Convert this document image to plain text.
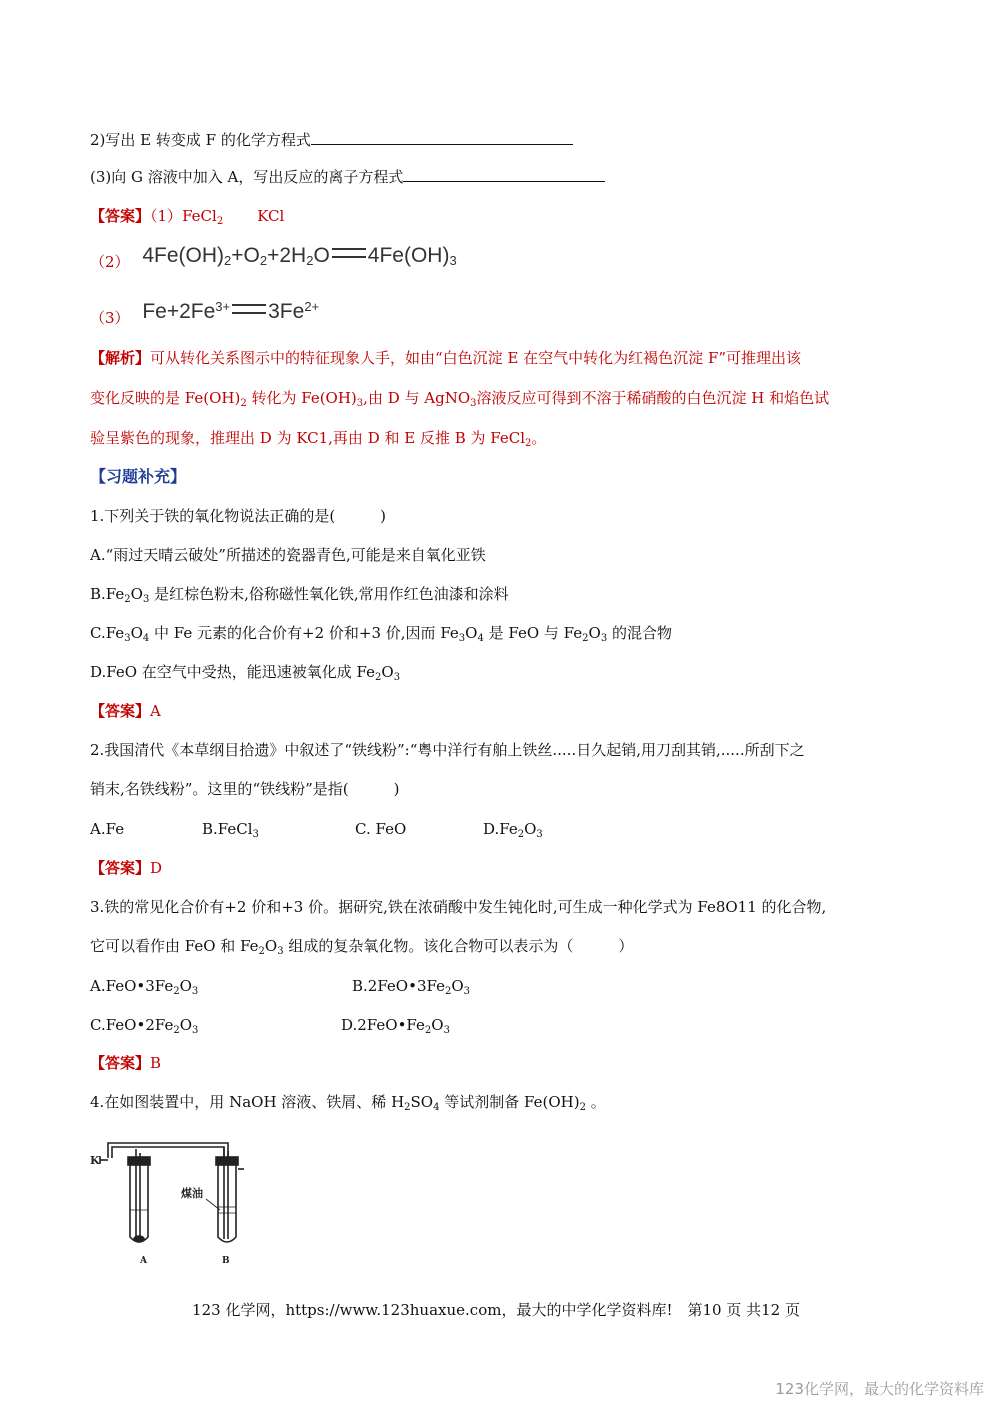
2)写出 E 转变成 F 的化学方程式
(3)向 G 溶液中加入 A，写出反应的离子方程式
【答案】（1）FeCl$_2$ KCl
（2） $4Fe(OH)_2+O_2+2H_2O$ $4Fe(OH)_3$
（3） $Fe+2Fe^{3+}$ $3Fe^{2+}$
【解析】可从转化关系图示中的特征现象人手，如由“白色沉淀 E 在空气中转化为红褐色沉淀 F”可推理出该
变化反映的是 $Fe(OH)_2$ 转化为 $Fe(OH)_3$,由 D 与 AgNO$_3$溶液反应可得到不溶于稀硝酸的白色沉淀 H 和焰色试
验呈紫色的现象，推理出 D 为 KC1,再由 D 和 E 反推 B 为 FeCl$_2$。
【习题补充】
1.下列关于铁的氧化物说法正确的是(　　　)
A.“雨过天晴云破处”所描述的瓷器青色,可能是来自氧化亚铁
$B.Fe_2O_3$ 是红棕色粉末,俗称磁性氧化铁,常用作红色油漆和涂料
$C.Fe_3O_4$ 中 Fe 元素的化合价有+2 价和+3 价,因而 $Fe_3O_4$ 是 FeO 与 $Fe_2O_3$ 的混合物
D.FeO 在空气中受热，能迅速被氧化成 $Fe_2O_3$
【答案】A
2.我国清代《本草纲目拾遗》中叙述了“铁线粉”:“粤中洋行有舶上铁丝.....日久起销,用刀刮其销,.....所刮下之
销末,名铁线粉”。这里的“铁线粉”是指(　　　)
A.Fe	B.FeCl$_3$	C. FeO	$D.Fe_2O_3$
【答案】D
3.铁的常见化合价有+2 价和+3 价。据研究,铁在浓硝酸中发生钝化时,可生成一种化学式为 Fe8O11 的化合物,
它可以看作由 FeO 和 $Fe_2O_3$ 组成的复杂氧化物。该化合物可以表示为（　　　）
$A.FeO•3Fe_2O_3$	$B.2FeO•3Fe_2O_3$
$C.FeO•2Fe_2O_3$	$D.2FeO•Fe_2O_3$
【答案】B
4.在如图装置中，用 NaOH 溶液、铁屑、稀 $H_2SO_4$ 等试剂制备 $Fe(OH)_2$ 。
K
煤油
A	B
123 化学网，https://www.123huaxue.com，最大的中学化学资料库!　第10 页 共12 页
123化学网，最大的化学资料库
